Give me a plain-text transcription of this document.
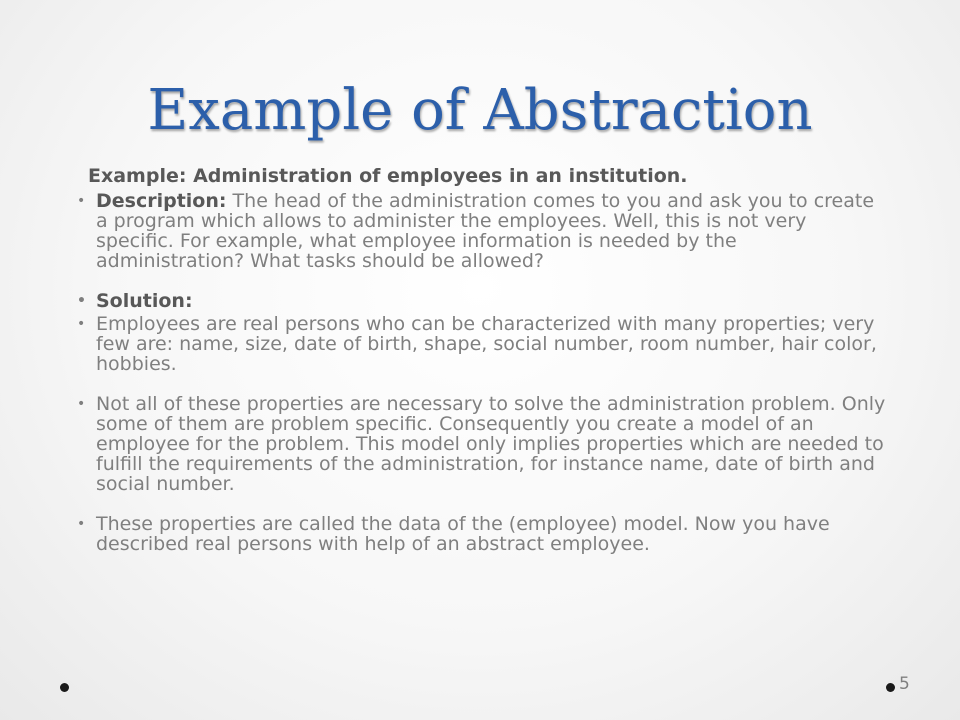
Example of Abstraction

Example: Administration of employees in an institution.

• Description: The head of the administration comes to you and ask you to create a program which allows to administer the employees. Well, this is not very specific. For example, what employee information is needed by the administration? What tasks should be allowed?
• Solution:
• Employees are real persons who can be characterized with many properties; very few are: name, size, date of birth, shape, social number, room number, hair color, hobbies.
• Not all of these properties are necessary to solve the administration problem. Only some of them are problem specific. Consequently you create a model of an employee for the problem. This model only implies properties which are needed to fulfill the requirements of the administration, for instance name, date of birth and social number.
• These properties are called the data of the (employee) model. Now you have described real persons with help of an abstract employee.
5
